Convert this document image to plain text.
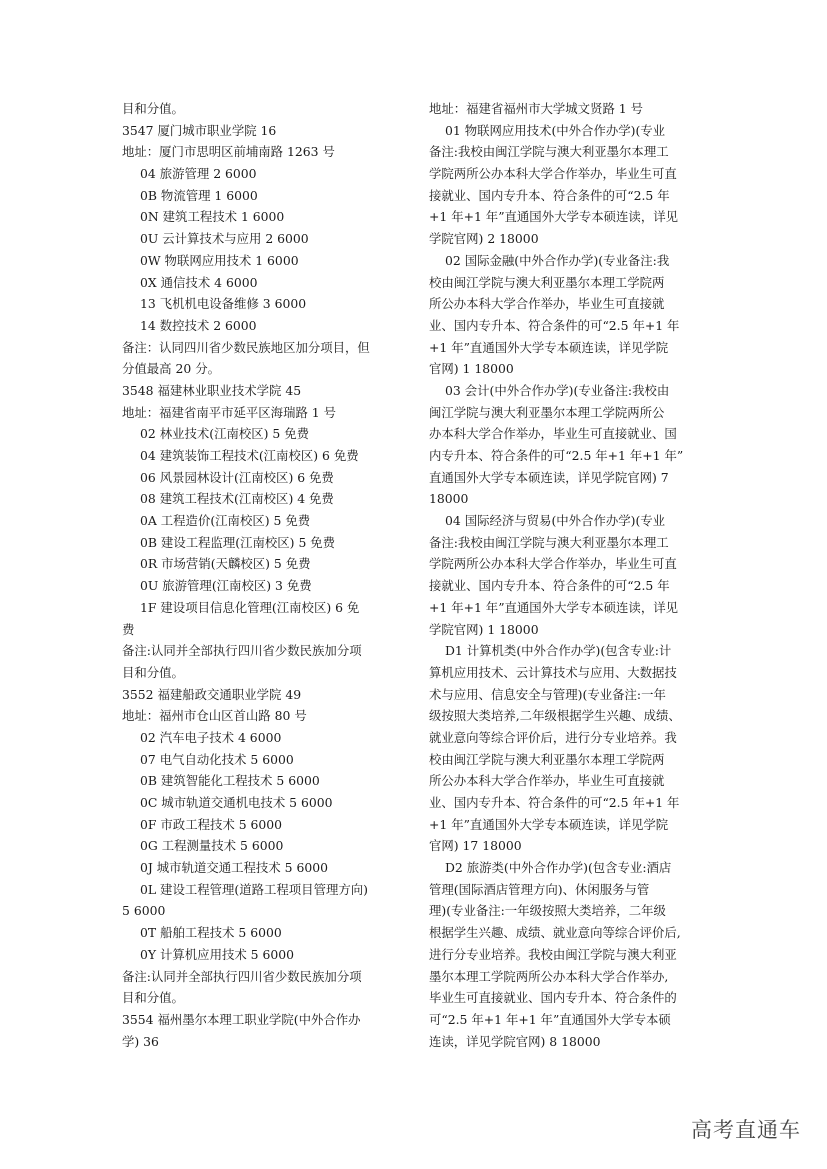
目和分值。
3547 厦门城市职业学院 16
地址：厦门市思明区前埔南路 1263 号
04 旅游管理 2 6000
0B 物流管理 1 6000
0N 建筑工程技术 1 6000
0U 云计算技术与应用 2 6000
0W 物联网应用技术 1 6000
0X 通信技术 4 6000
13 飞机机电设备维修 3 6000
14 数控技术 2 6000
备注：认同四川省少数民族地区加分项目，但
分值最高 20 分。
3548 福建林业职业技术学院 45
地址：福建省南平市延平区海瑞路 1 号
02 林业技术(江南校区) 5 免费
04 建筑装饰工程技术(江南校区) 6 免费
06 风景园林设计(江南校区) 6 免费
08 建筑工程技术(江南校区) 4 免费
0A 工程造价(江南校区) 5 免费
0B 建设工程监理(江南校区) 5 免费
0R 市场营销(天麟校区) 5 免费
0U 旅游管理(江南校区) 3 免费
1F 建设项目信息化管理(江南校区) 6 免
费
备注:认同并全部执行四川省少数民族加分项
目和分值。
3552 福建船政交通职业学院 49
地址：福州市仓山区首山路 80 号
02 汽车电子技术 4 6000
07 电气自动化技术 5 6000
0B 建筑智能化工程技术 5 6000
0C 城市轨道交通机电技术 5 6000
0F 市政工程技术 5 6000
0G 工程测量技术 5 6000
0J 城市轨道交通工程技术 5 6000
0L 建设工程管理(道路工程项目管理方向)
5 6000
0T 船舶工程技术 5 6000
0Y 计算机应用技术 5 6000
备注:认同并全部执行四川省少数民族加分项
目和分值。
3554 福州墨尔本理工职业学院(中外合作办
学) 36
地址：福建省福州市大学城文贤路 1 号
01 物联网应用技术(中外合作办学)(专业
备注:我校由闽江学院与澳大利亚墨尔本理工
学院两所公办本科大学合作举办，毕业生可直
接就业、国内专升本、符合条件的可“2.5 年
+1 年+1 年”直通国外大学专本硕连读，详见
学院官网) 2 18000
02 国际金融(中外合作办学)(专业备注:我
校由闽江学院与澳大利亚墨尔本理工学院两
所公办本科大学合作举办，毕业生可直接就
业、国内专升本、符合条件的可“2.5 年+1 年
+1 年”直通国外大学专本硕连读，详见学院
官网) 1 18000
03 会计(中外合作办学)(专业备注:我校由
闽江学院与澳大利亚墨尔本理工学院两所公
办本科大学合作举办，毕业生可直接就业、国
内专升本、符合条件的可“2.5 年+1 年+1 年”
直通国外大学专本硕连读，详见学院官网) 7
18000
04 国际经济与贸易(中外合作办学)(专业
备注:我校由闽江学院与澳大利亚墨尔本理工
学院两所公办本科大学合作举办，毕业生可直
接就业、国内专升本、符合条件的可“2.5 年
+1 年+1 年”直通国外大学专本硕连读，详见
学院官网) 1 18000
D1 计算机类(中外合作办学)(包含专业:计
算机应用技术、云计算技术与应用、大数据技
术与应用、信息安全与管理)(专业备注:一年
级按照大类培养,二年级根据学生兴趣、成绩、
就业意向等综合评价后，进行分专业培养。我
校由闽江学院与澳大利亚墨尔本理工学院两
所公办本科大学合作举办，毕业生可直接就
业、国内专升本、符合条件的可“2.5 年+1 年
+1 年”直通国外大学专本硕连读，详见学院
官网) 17 18000
D2 旅游类(中外合作办学)(包含专业:酒店
管理(国际酒店管理方向)、休闲服务与管
理)(专业备注:一年级按照大类培养，二年级
根据学生兴趣、成绩、就业意向等综合评价后,
进行分专业培养。我校由闽江学院与澳大利亚
墨尔本理工学院两所公办本科大学合作举办,
毕业生可直接就业、国内专升本、符合条件的
可“2.5 年+1 年+1 年”直通国外大学专本硕
连读，详见学院官网) 8 18000
高考直通车
